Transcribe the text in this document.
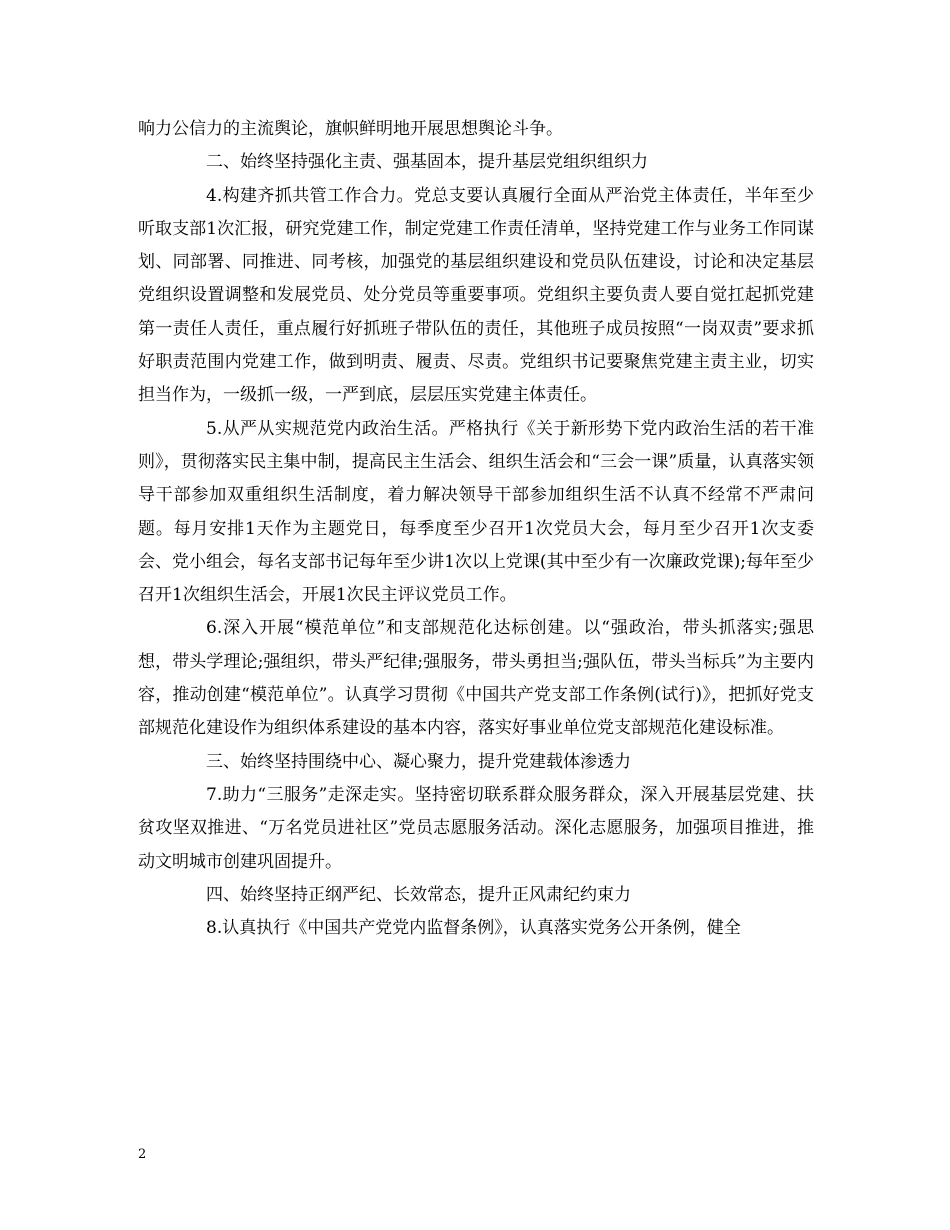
响力公信力的主流舆论，旗帜鲜明地开展思想舆论斗争。

二、始终坚持强化主责、强基固本，提升基层党组织组织力

4.构建齐抓共管工作合力。党总支要认真履行全面从严治党主体责任，半年至少听取支部1次汇报，研究党建工作，制定党建工作责任清单，坚持党建工作与业务工作同谋划、同部署、同推进、同考核，加强党的基层组织建设和党员队伍建设，讨论和决定基层党组织设置调整和发展党员、处分党员等重要事项。党组织主要负责人要自觉扛起抓党建第一责任人责任，重点履行好抓班子带队伍的责任，其他班子成员按照“一岗双责”要求抓好职责范围内党建工作，做到明责、履责、尽责。党组织书记要聚焦党建主责主业，切实担当作为，一级抓一级，一严到底，层层压实党建主体责任。

5.从严从实规范党内政治生活。严格执行《关于新形势下党内政治生活的若干准则》，贯彻落实民主集中制，提高民主生活会、组织生活会和“三会一课”质量，认真落实领导干部参加双重组织生活制度，着力解决领导干部参加组织生活不认真不经常不严肃问题。每月安排1天作为主题党日，每季度至少召开1次党员大会，每月至少召开1次支委会、党小组会，每名支部书记每年至少讲1次以上党课(其中至少有一次廉政党课);每年至少召开1次组织生活会，开展1次民主评议党员工作。

6.深入开展“模范单位”和支部规范化达标创建。以“强政治，带头抓落实;强思想，带头学理论;强组织，带头严纪律;强服务，带头勇担当;强队伍，带头当标兵”为主要内容，推动创建“模范单位”。认真学习贯彻《中国共产党支部工作条例(试行)》，把抓好党支部规范化建设作为组织体系建设的基本内容，落实好事业单位党支部规范化建设标准。

三、始终坚持围绕中心、凝心聚力，提升党建载体渗透力

7.助力“三服务”走深走实。坚持密切联系群众服务群众，深入开展基层党建、扶贫攻坚双推进、“万名党员进社区”党员志愿服务活动。深化志愿服务，加强项目推进，推动文明城市创建巩固提升。

四、始终坚持正纲严纪、长效常态，提升正风肃纪约束力

8.认真执行《中国共产党党内监督条例》，认真落实党务公开条例，健全

2
